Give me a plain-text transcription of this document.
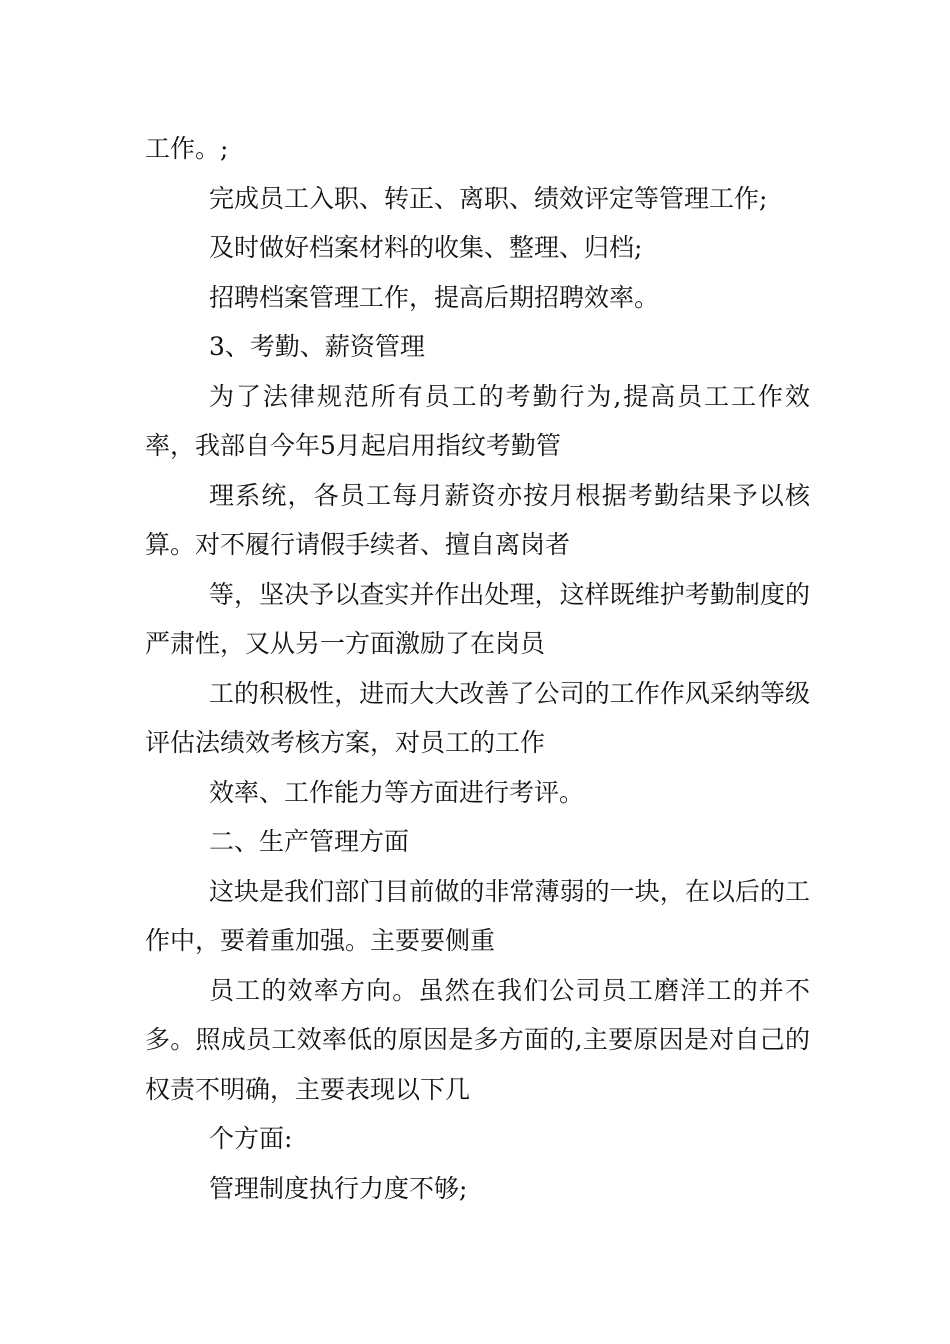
工作。;

完成员工入职、转正、离职、绩效评定等管理工作;

及时做好档案材料的收集、整理、归档;

招聘档案管理工作，提高后期招聘效率。

3、考勤、薪资管理

为了法律规范所有员工的考勤行为,提高员工工作效率，我部自今年5月起启用指纹考勤管

理系统，各员工每月薪资亦按月根据考勤结果予以核算。对不履行请假手续者、擅自离岗者

等，坚决予以查实并作出处理，这样既维护考勤制度的严肃性，又从另一方面激励了在岗员

工的积极性，进而大大改善了公司的工作作风采纳等级评估法绩效考核方案，对员工的工作

效率、工作能力等方面进行考评。

二、生产管理方面

这块是我们部门目前做的非常薄弱的一块，在以后的工作中，要着重加强。主要要侧重

员工的效率方向。虽然在我们公司员工磨洋工的并不多。照成员工效率低的原因是多方面的,主要原因是对自己的权责不明确，主要表现以下几

个方面:

管理制度执行力度不够;
